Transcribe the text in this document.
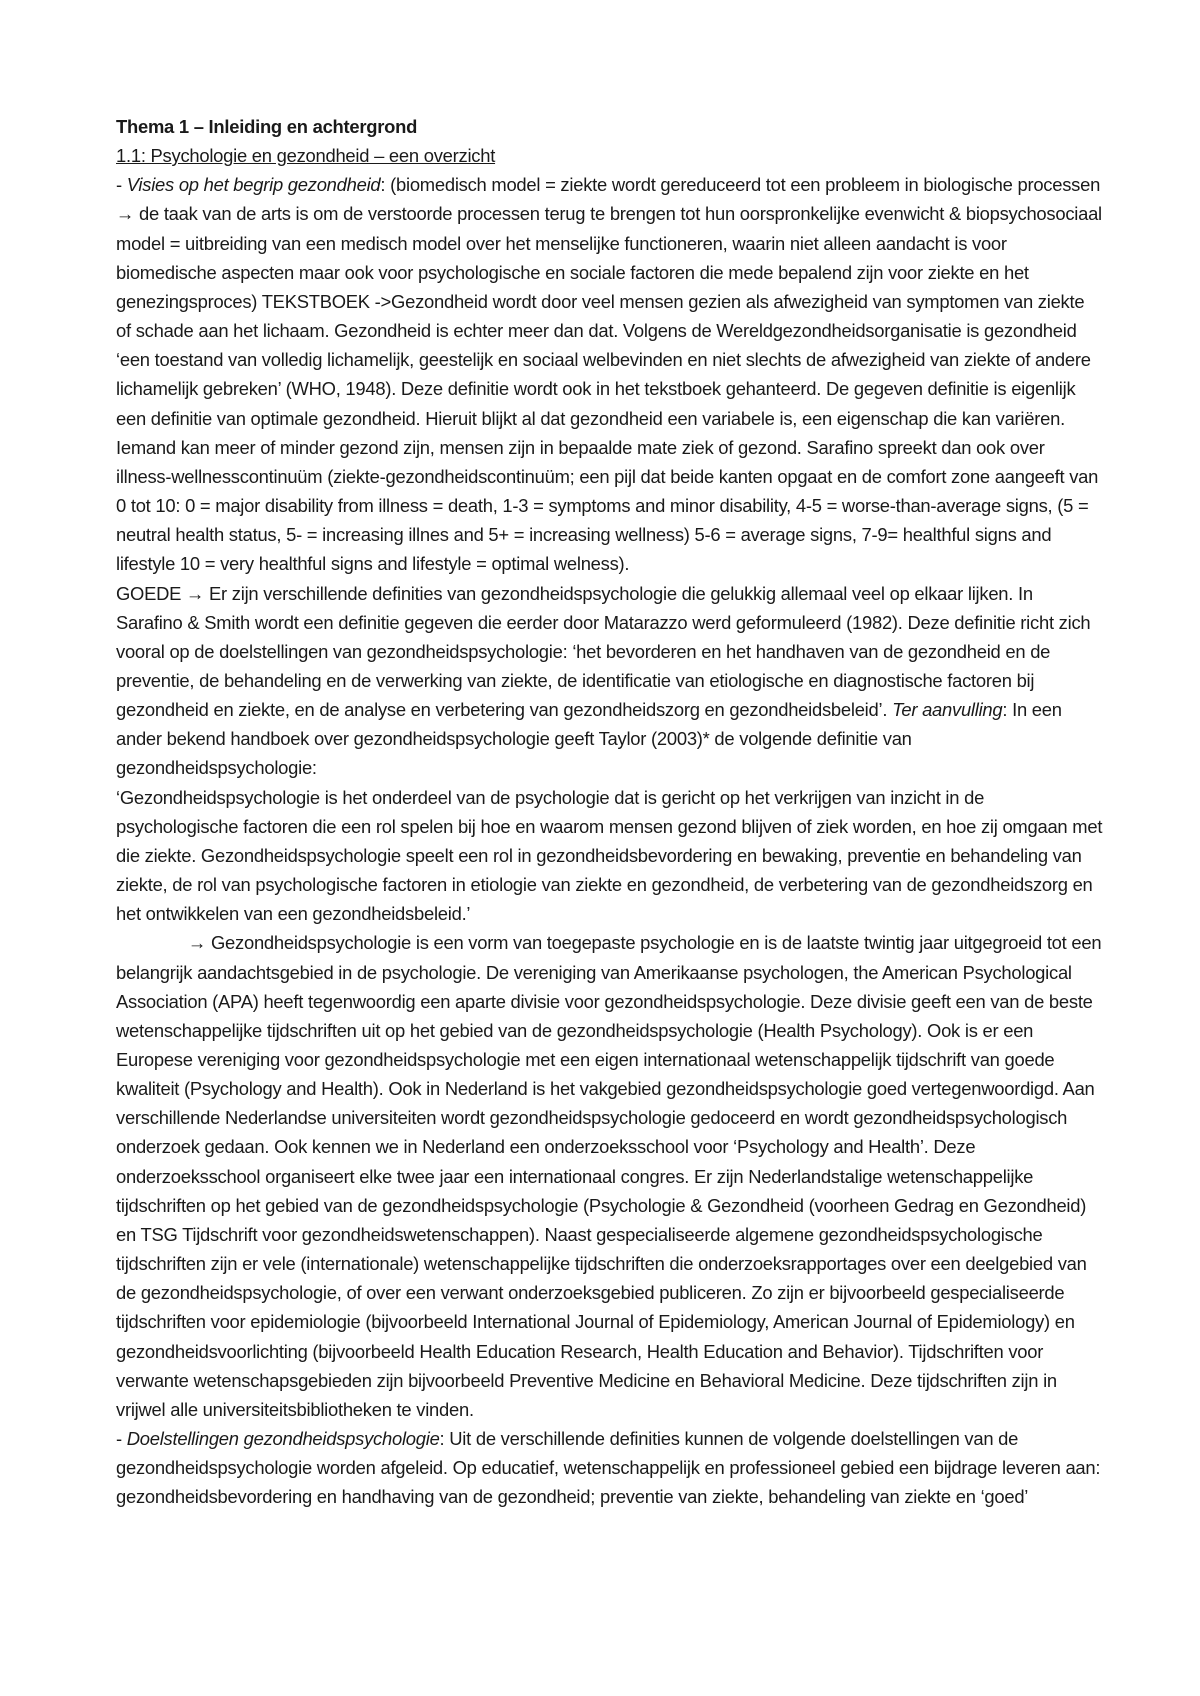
Thema 1 – Inleiding en achtergrond

1.1: Psychologie en gezondheid – een overzicht

- Visies op het begrip gezondheid: (biomedisch model = ziekte wordt gereduceerd tot een probleem in biologische processen → de taak van de arts is om de verstoorde processen terug te brengen tot hun oorspronkelijke evenwicht & biopsychosociaal model = uitbreiding van een medisch model over het menselijke functioneren, waarin niet alleen aandacht is voor biomedische aspecten maar ook voor psychologische en sociale factoren die mede bepalend zijn voor ziekte en het genezingsproces) TEKSTBOEK ->Gezondheid wordt door veel mensen gezien als afwezigheid van symptomen van ziekte of schade aan het lichaam. Gezondheid is echter meer dan dat. Volgens de Wereldgezondheidsorganisatie is gezondheid ‘een toestand van volledig lichamelijk, geestelijk en sociaal welbevinden en niet slechts de afwezigheid van ziekte of andere lichamelijk gebreken’ (WHO, 1948). Deze definitie wordt ook in het tekstboek gehanteerd. De gegeven definitie is eigenlijk een definitie van optimale gezondheid. Hieruit blijkt al dat gezondheid een variabele is, een eigenschap die kan variëren. Iemand kan meer of minder gezond zijn, mensen zijn in bepaalde mate ziek of gezond. Sarafino spreekt dan ook over illness-wellnesscontinuüm (ziekte-gezondheidscontinuüm; een pijl dat beide kanten opgaat en de comfort zone aangeeft van 0 tot 10: 0 = major disability from illness = death, 1-3 = symptoms and minor disability, 4-5 = worse-than-average signs, (5 = neutral health status, 5- = increasing illnes and 5+ = increasing wellness) 5-6 = average signs, 7-9= healthful signs and lifestyle 10 = very healthful signs and lifestyle = optimal welness).

GOEDE → Er zijn verschillende definities van gezondheidspsychologie die gelukkig allemaal veel op elkaar lijken. In Sarafino & Smith wordt een definitie gegeven die eerder door Matarazzo werd geformuleerd (1982). Deze definitie richt zich vooral op de doelstellingen van gezondheidspsychologie: ‘het bevorderen en het handhaven van de gezondheid en de preventie, de behandeling en de verwerking van ziekte, de identificatie van etiologische en diagnostische factoren bij gezondheid en ziekte, en de analyse en verbetering van gezondheidszorg en gezondheidsbeleid’. Ter aanvulling: In een ander bekend handboek over gezondheidspsychologie geeft Taylor (2003)* de volgende definitie van gezondheidspsychologie:

‘Gezondheidspsychologie is het onderdeel van de psychologie dat is gericht op het verkrijgen van inzicht in de psychologische factoren die een rol spelen bij hoe en waarom mensen gezond blijven of ziek worden, en hoe zij omgaan met die ziekte. Gezondheidspsychologie speelt een rol in gezondheidsbevordering en bewaking, preventie en behandeling van ziekte, de rol van psychologische factoren in etiologie van ziekte en gezondheid, de verbetering van de gezondheidszorg en het ontwikkelen van een gezondheidsbeleid.’

→ Gezondheidspsychologie is een vorm van toegepaste psychologie en is de laatste twintig jaar uitgegroeid tot een belangrijk aandachtsgebied in de psychologie. De vereniging van Amerikaanse psychologen, the American Psychological Association (APA) heeft tegenwoordig een aparte divisie voor gezondheidspsychologie. Deze divisie geeft een van de beste wetenschappelijke tijdschriften uit op het gebied van de gezondheidspsychologie (Health Psychology). Ook is er een Europese vereniging voor gezondheidspsychologie met een eigen internationaal wetenschappelijk tijdschrift van goede kwaliteit (Psychology and Health). Ook in Nederland is het vakgebied gezondheidspsychologie goed vertegenwoordigd. Aan verschillende Nederlandse universiteiten wordt gezondheidspsychologie gedoceerd en wordt gezondheidspsychologisch onderzoek gedaan. Ook kennen we in Nederland een onderzoeksschool voor ‘Psychology and Health’. Deze onderzoeksschool organiseert elke twee jaar een internationaal congres. Er zijn Nederlandstalige wetenschappelijke tijdschriften op het gebied van de gezondheidspsychologie (Psychologie & Gezondheid (voorheen Gedrag en Gezondheid) en TSG Tijdschrift voor gezondheidswetenschappen). Naast gespecialiseerde algemene gezondheidspsychologische tijdschriften zijn er vele (internationale) wetenschappelijke tijdschriften die onderzoeksrapportages over een deelgebied van de gezondheidspsychologie, of over een verwant onderzoeksgebied publiceren. Zo zijn er bijvoorbeeld gespecialiseerde tijdschriften voor epidemiologie (bijvoorbeeld International Journal of Epidemiology, American Journal of Epidemiology) en gezondheidsvoorlichting (bijvoorbeeld Health Education Research, Health Education and Behavior). Tijdschriften voor verwante wetenschapsgebieden zijn bijvoorbeeld Preventive Medicine en Behavioral Medicine. Deze tijdschriften zijn in vrijwel alle universiteitsbibliotheken te vinden.

- Doelstellingen gezondheidspsychologie: Uit de verschillende definities kunnen de volgende doelstellingen van de gezondheidspsychologie worden afgeleid. Op educatief, wetenschappelijk en professioneel gebied een bijdrage leveren aan: gezondheidsbevordering en handhaving van de gezondheid; preventie van ziekte, behandeling van ziekte en ‘goed’
